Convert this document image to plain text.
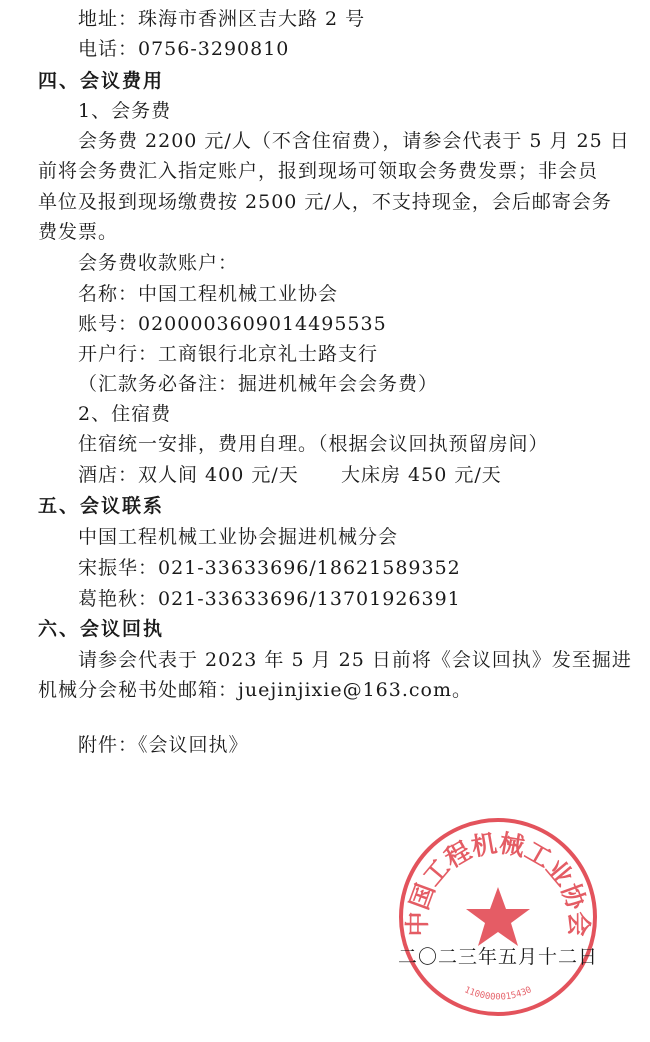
地址：珠海市香洲区吉大路 2 号
电话：0756-3290810
四、会议费用
1、会务费
会务费 2200 元/人（不含住宿费），请参会代表于 5 月 25 日
前将会务费汇入指定账户，报到现场可领取会务费发票；非会员
单位及报到现场缴费按 2500 元/人，不支持现金，会后邮寄会务
费发票。
会务费收款账户：
名称：中国工程机械工业协会
账号：0200003609014495535
开户行：工商银行北京礼士路支行
（汇款务必备注：掘进机械年会会务费）
2、住宿费
住宿统一安排，费用自理。（根据会议回执预留房间）
酒店：双人间 400 元/天      大床房 450 元/天
五、会议联系
中国工程机械工业协会掘进机械分会
宋振华：021-33633696/18621589352
葛艳秋：021-33633696/13701926391
六、会议回执
请参会代表于 2023 年 5 月 25 日前将《会议回执》发至掘进
机械分会秘书处邮箱：juejinjixie@163.com。
附件：《会议回执》
中国工程机械工业协会
1100000015430
二〇二三年五月十二日
